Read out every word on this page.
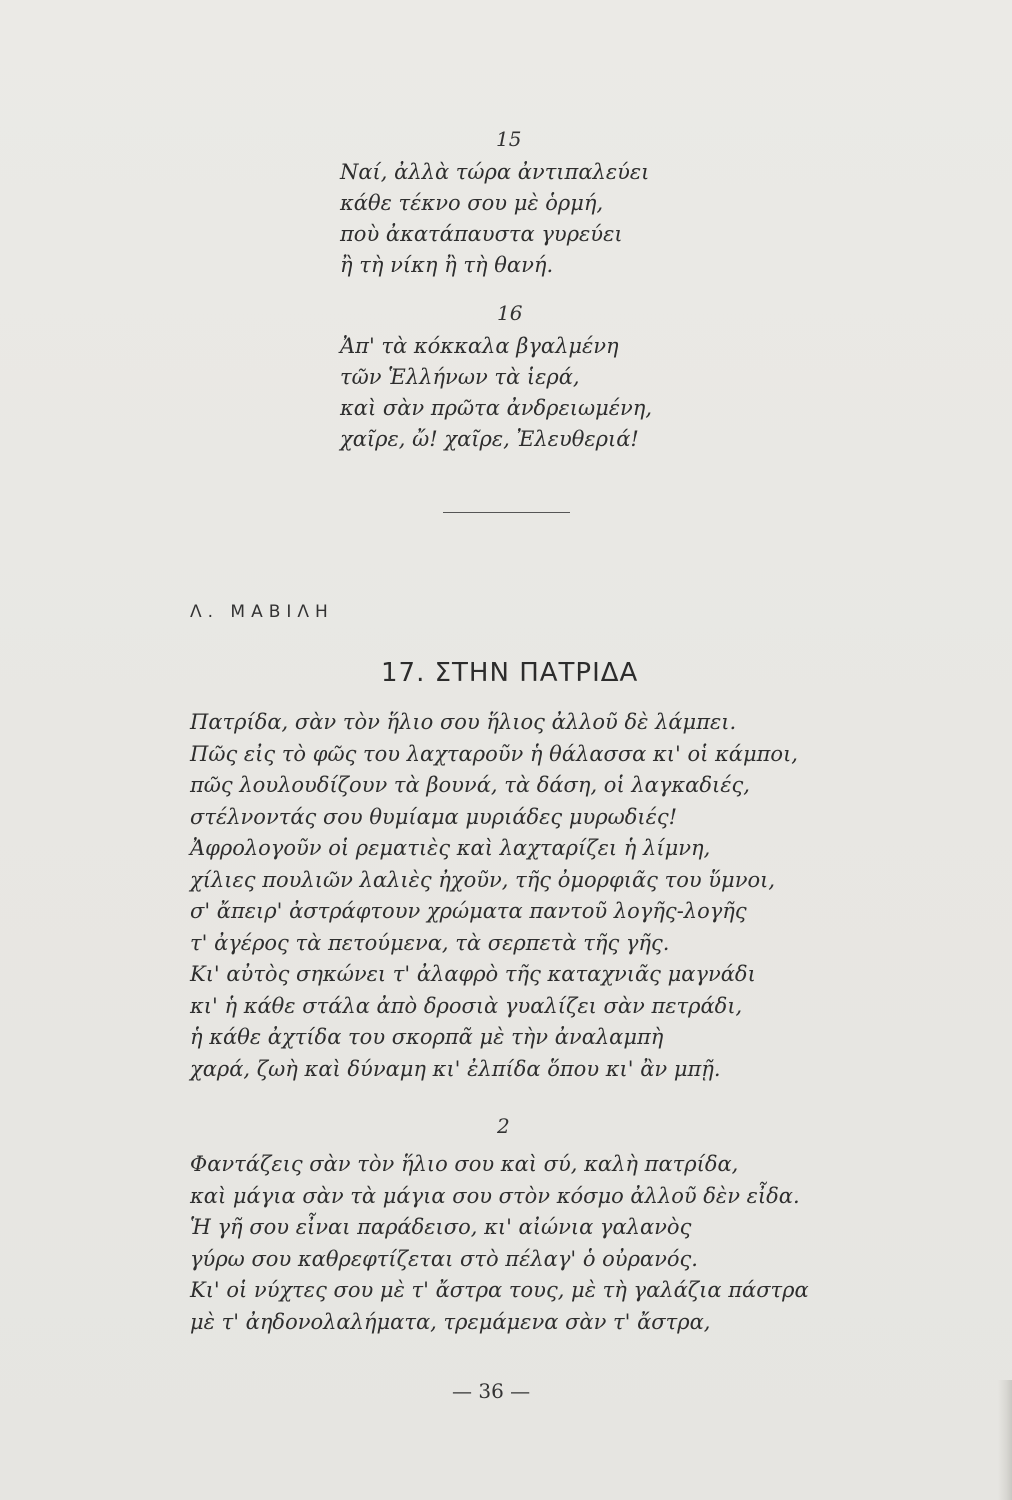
15
Ναί, ἀλλὰ τώρα ἀντιπαλεύει
κάθε τέκνο σου μὲ ὁρμή,
ποὺ ἀκατάπαυστα γυρεύει
ἢ τὴ νίκη ἢ τὴ θανή.
16
Ἀπ' τὰ κόκκαλα βγαλμένη
τῶν Ἑλλήνων τὰ ἱερά,
καὶ σὰν πρῶτα ἀνδρειωμένη,
χαῖρε, ὤ! χαῖρε, Ἐλευθεριά!
Λ. ΜΑΒΙΛΗ
17. ΣΤΗΝ ΠΑΤΡΙΔΑ
Πατρίδα, σὰν τὸν ἥλιο σου ἥλιος ἀλλοῦ δὲ λάμπει.
Πῶς εἰς τὸ φῶς του λαχταροῦν ἡ θάλασσα κι' οἱ κάμποι,
πῶς λουλουδίζουν τὰ βουνά, τὰ δάση, οἱ λαγκαδιές,
στέλνοντάς σου θυμίαμα μυριάδες μυρωδιές!
Ἀφρολογοῦν οἱ ρεματιὲς καὶ λαχταρίζει ἡ λίμνη,
χίλιες πουλιῶν λαλιὲς ἠχοῦν, τῆς ὀμορφιᾶς του ὕμνοι,
σ' ἄπειρ' ἀστράφτουν χρώματα παντοῦ λογῆς-λογῆς
τ' ἀγέρος τὰ πετούμενα, τὰ σερπετὰ τῆς γῆς.
Κι' αὐτὸς σηκώνει τ' ἀλαφρὸ τῆς καταχνιᾶς μαγνάδι
κι' ἡ κάθε στάλα ἀπὸ δροσιὰ γυαλίζει σὰν πετράδι,
ἡ κάθε ἀχτίδα του σκορπᾶ μὲ τὴν ἀναλαμπὴ
χαρά, ζωὴ καὶ δύναμη κι' ἐλπίδα ὅπου κι' ἂν μπῇ.
2
Φαντάζεις σὰν τὸν ἥλιο σου καὶ σύ, καλὴ πατρίδα,
καὶ μάγια σὰν τὰ μάγια σου στὸν κόσμο ἀλλοῦ δὲν εἶδα.
Ἡ γῆ σου εἶναι παράδεισο, κι' αἰώνια γαλανὸς
γύρω σου καθρεφτίζεται στὸ πέλαγ' ὁ οὐρανός.
Κι' οἱ νύχτες σου μὲ τ' ἄστρα τους, μὲ τὴ γαλάζια πάστρα
μὲ τ' ἀηδονολαλήματα, τρεμάμενα σὰν τ' ἄστρα,
— 36 —
